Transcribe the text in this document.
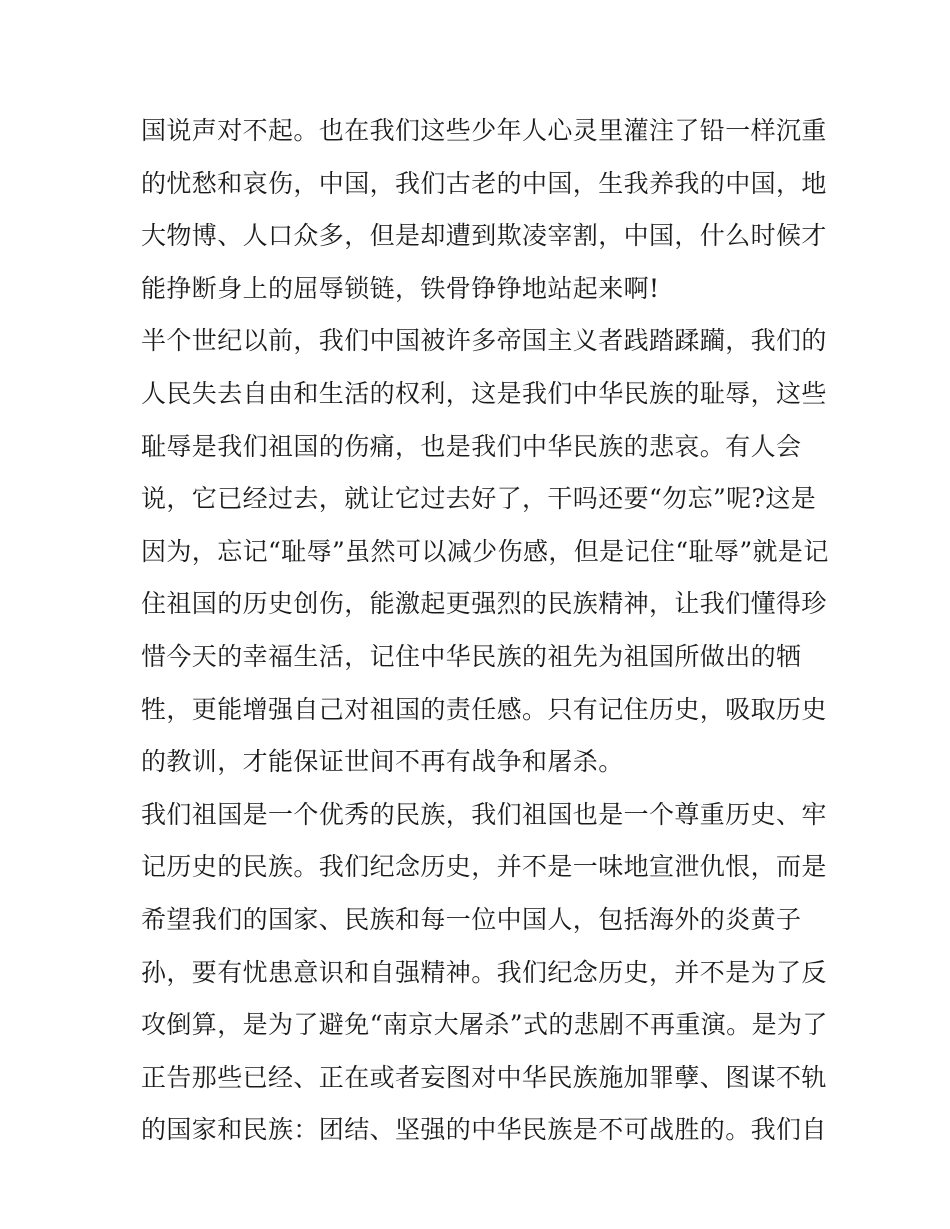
国说声对不起。也在我们这些少年人心灵里灌注了铅一样沉重
的忧愁和哀伤，中国，我们古老的中国，生我养我的中国，地
大物博、人口众多，但是却遭到欺凌宰割，中国，什么时候才
能挣断身上的屈辱锁链，铁骨铮铮地站起来啊!
半个世纪以前，我们中国被许多帝国主义者践踏蹂躏，我们的
人民失去自由和生活的权利，这是我们中华民族的耻辱，这些
耻辱是我们祖国的伤痛，也是我们中华民族的悲哀。有人会
说，它已经过去，就让它过去好了，干吗还要“勿忘”呢?这是
因为，忘记“耻辱”虽然可以减少伤感，但是记住“耻辱”就是记
住祖国的历史创伤，能激起更强烈的民族精神，让我们懂得珍
惜今天的幸福生活，记住中华民族的祖先为祖国所做出的牺
牲，更能增强自己对祖国的责任感。只有记住历史，吸取历史
的教训，才能保证世间不再有战争和屠杀。
我们祖国是一个优秀的民族，我们祖国也是一个尊重历史、牢
记历史的民族。我们纪念历史，并不是一味地宣泄仇恨，而是
希望我们的国家、民族和每一位中国人，包括海外的炎黄子
孙，要有忧患意识和自强精神。我们纪念历史，并不是为了反
攻倒算，是为了避免“南京大屠杀”式的悲剧不再重演。是为了
正告那些已经、正在或者妄图对中华民族施加罪孽、图谋不轨
的国家和民族：团结、坚强的中华民族是不可战胜的。我们自
